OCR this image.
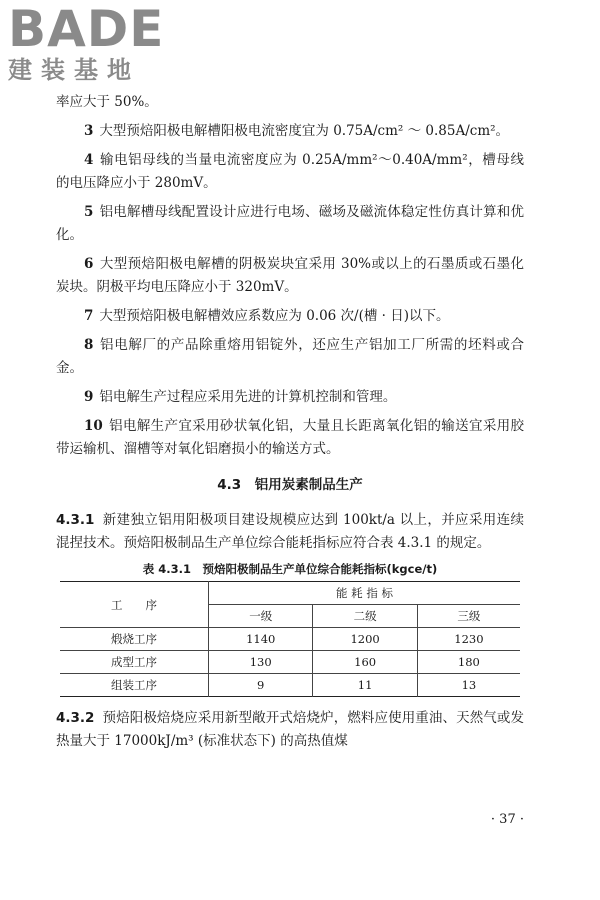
BADE
建装基地

率应大于 50%。

3 大型预焙阳极电解槽阳极电流密度宜为 0.75A/cm² ～ 0.85A/cm²。

4 输电铝母线的当量电流密度应为 0.25A/mm²～0.40A/mm²，槽母线的电压降应小于 280mV。

5 铝电解槽母线配置设计应进行电场、磁场及磁流体稳定性仿真计算和优化。

6 大型预焙阳极电解槽的阴极炭块宜采用 30%或以上的石墨质或石墨化炭块。阴极平均电压降应小于 320mV。

7 大型预焙阳极电解槽效应系数应为 0.06 次/(槽 · 日)以下。

8 铝电解厂的产品除重熔用铝锭外，还应生产铝加工厂所需的坯料或合金。

9 铝电解生产过程应采用先进的计算机控制和管理。

10 铝电解生产宜采用砂状氧化铝，大量且长距离氧化铝的输送宜采用胶带运输机、溜槽等对氧化铝磨损小的输送方式。

4.3　铝用炭素制品生产

4.3.1 新建独立铝用阳极项目建设规模应达到 100kt/a 以上，并应采用连续混捏技术。预焙阳极制品生产单位综合能耗指标应符合表 4.3.1 的规定。

表 4.3.1　预焙阳极制品生产单位综合能耗指标(kgce/t)
工　　序	能 耗 指 标		
	一级	二级	三级
煅烧工序	1140	1200	1230
成型工序	130	160	180
组装工序	9	11	13

4.3.2 预焙阳极焙烧应采用新型敞开式焙烧炉，燃料应使用重油、天然气或发热量大于 17000kJ/m³ (标准状态下) 的高热值煤

· 37 ·
